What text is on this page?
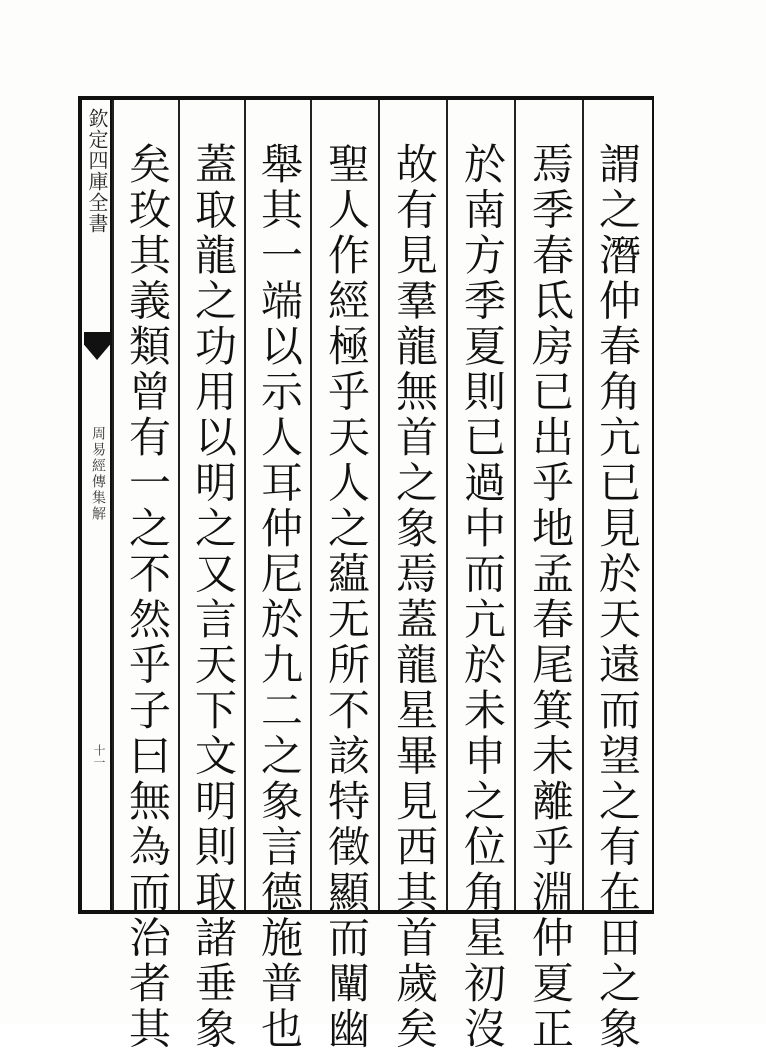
欽定四庫全書
周易經傳集解
十一	謂之潛仲春角亢已見於天遠而望之有在田之象
焉季春氐房已出乎地孟春尾箕未離乎淵仲夏正
於南方季夏則已過中而亢於未申之位角星初沒
故有見羣龍無首之象焉蓋龍星畢見西其首歲矣
聖人作經極乎天人之藴无所不該特徵顯而闡幽
舉其一端以示人耳仲尼於九二之象言德施普也
蓋取龍之功用以明之又言天下文明則取諸垂象
矣玫其義類曾有一之不然乎子曰無為而治者其
